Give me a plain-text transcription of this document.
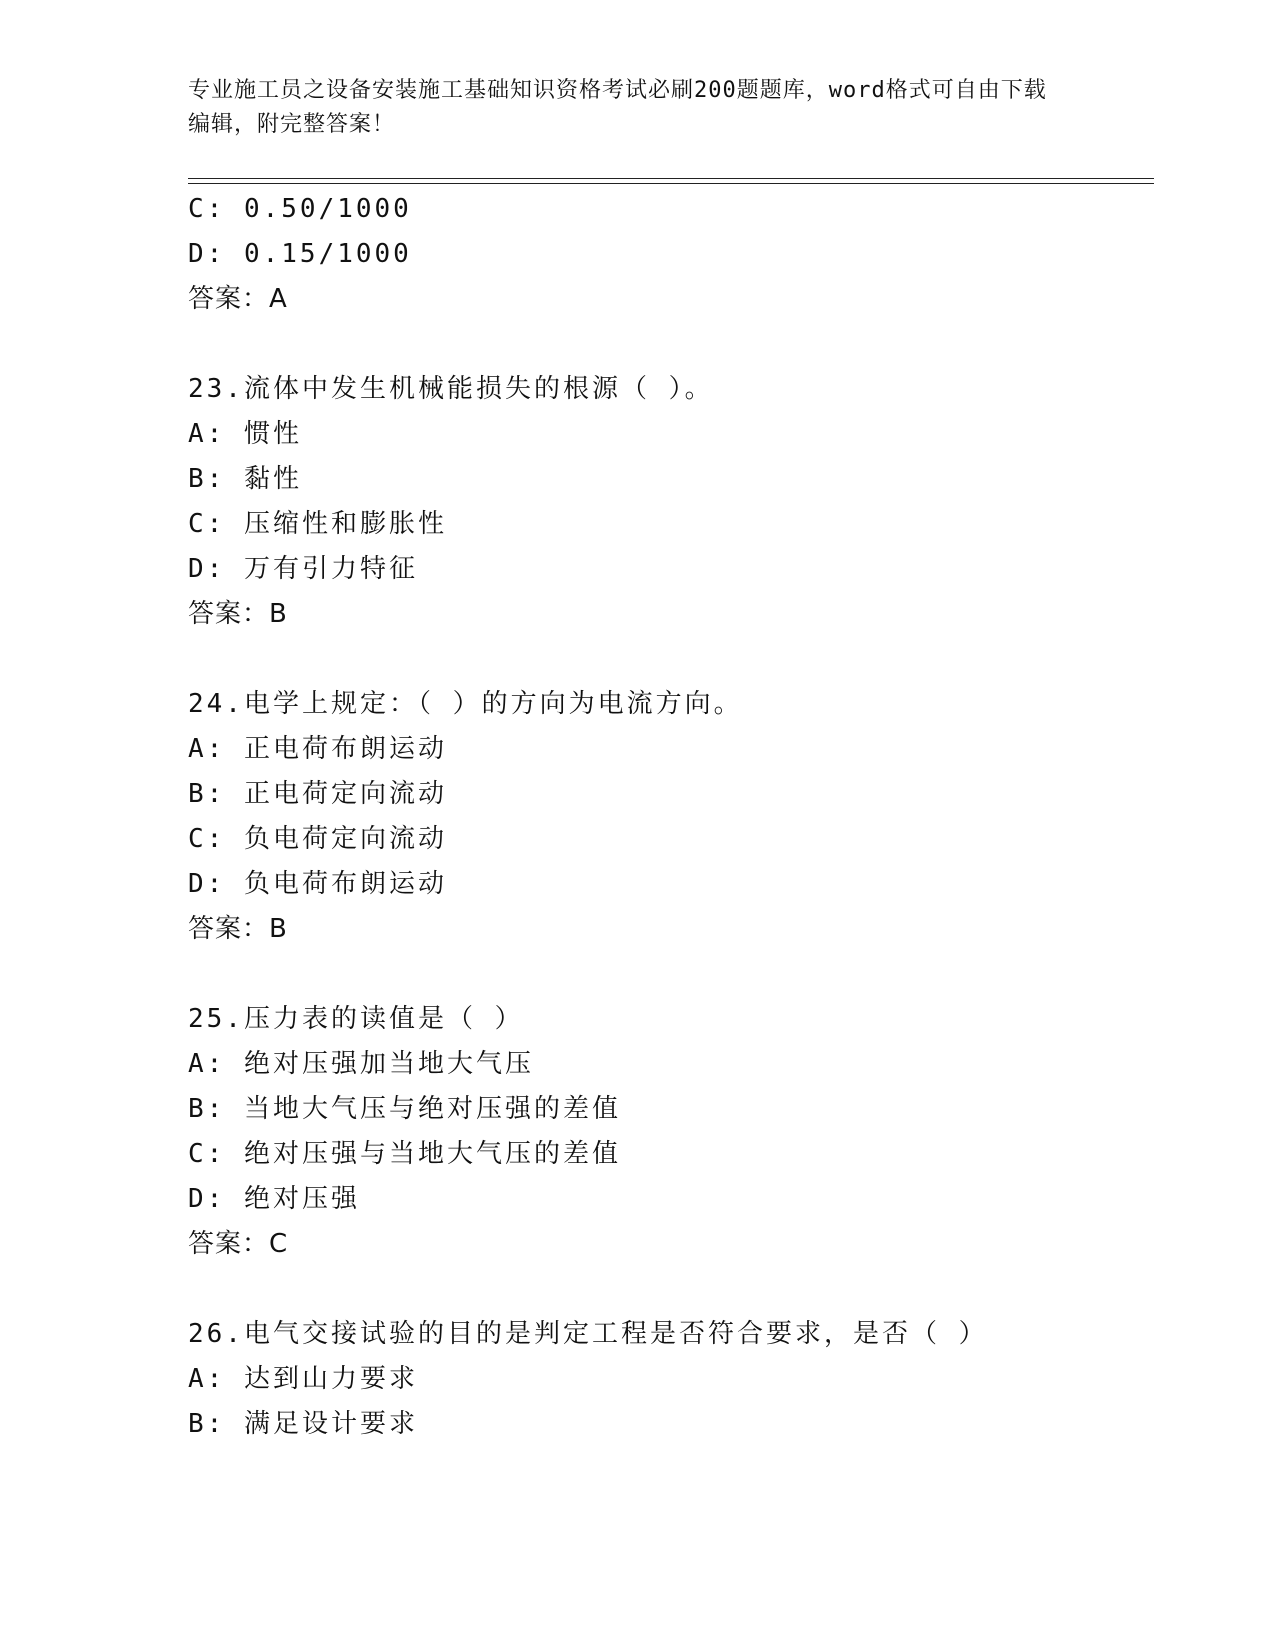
专业施工员之设备安装施工基础知识资格考试必刷200题题库，word格式可自由下载编辑，附完整答案！
C: 0.50/1000
D: 0.15/1000
答案：A
23.流体中发生机械能损失的根源（ ）。
A: 惯性
B: 黏性
C: 压缩性和膨胀性
D: 万有引力特征
答案：B
24.电学上规定：（ ）的方向为电流方向。
A: 正电荷布朗运动
B: 正电荷定向流动
C: 负电荷定向流动
D: 负电荷布朗运动
答案：B
25.压力表的读值是（ ）
A: 绝对压强加当地大气压
B: 当地大气压与绝对压强的差值
C: 绝对压强与当地大气压的差值
D: 绝对压强
答案：C
26.电气交接试验的目的是判定工程是否符合要求，是否（ ）
A: 达到山力要求
B: 满足设计要求
